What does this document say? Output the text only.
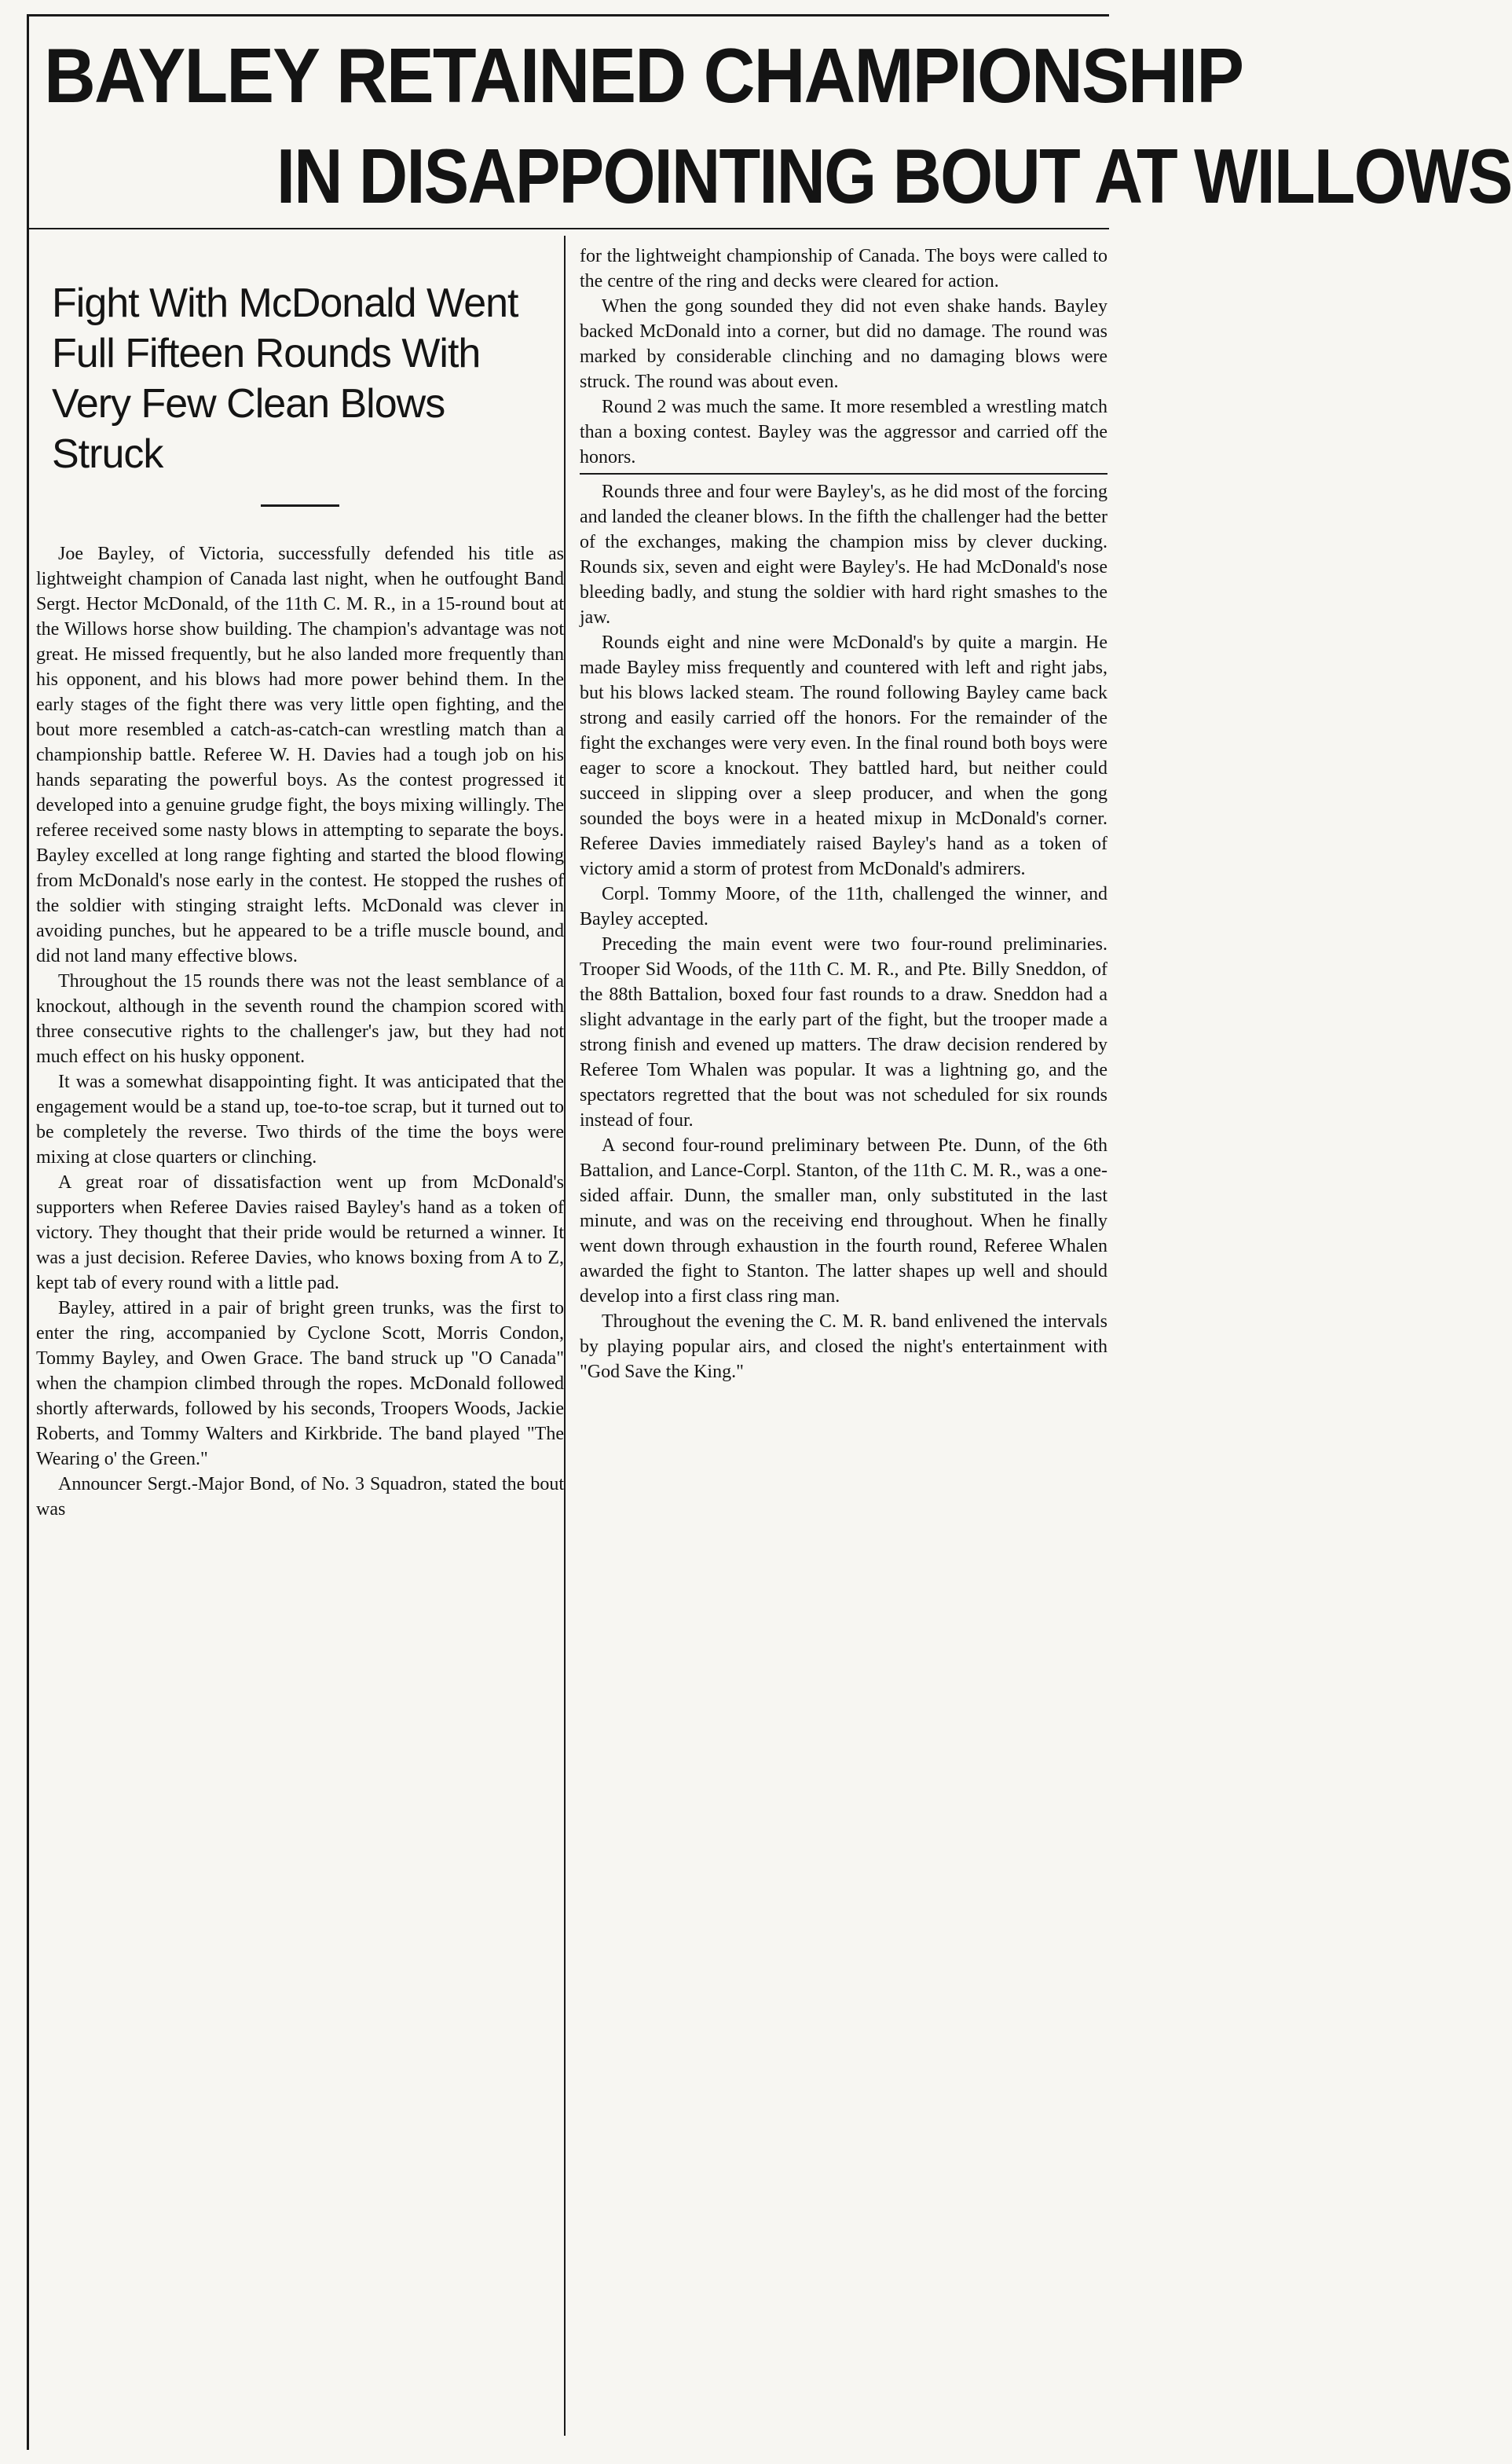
BAYLEY RETAINED CHAMPIONSHIP
IN DISAPPOINTING BOUT AT WILLOWS
Fight With McDonald Went
Full Fifteen Rounds With
Very Few Clean Blows
Struck

Joe Bayley, of Victoria, successfully defended his title as lightweight champion of Canada last night, when he outfought Band Sergt. Hector McDonald, of the 11th C. M. R., in a 15-round bout at the Willows horse show building. The champion's advantage was not great. He missed frequently, but he also landed more frequently than his opponent, and his blows had more power behind them. In the early stages of the fight there was very little open fighting, and the bout more resembled a catch-as-catch-can wrestling match than a championship battle. Referee W. H. Davies had a tough job on his hands separating the powerful boys. As the contest progressed it developed into a genuine grudge fight, the boys mixing willingly. The referee received some nasty blows in attempting to separate the boys. Bayley excelled at long range fighting and started the blood flowing from McDonald's nose early in the contest. He stopped the rushes of the soldier with stinging straight lefts. McDonald was clever in avoiding punches, but he appeared to be a trifle muscle bound, and did not land many effective blows.

Throughout the 15 rounds there was not the least semblance of a knockout, although in the seventh round the champion scored with three consecutive rights to the challenger's jaw, but they had not much effect on his husky opponent.

It was a somewhat disappointing fight. It was anticipated that the engagement would be a stand up, toe-to-toe scrap, but it turned out to be completely the reverse. Two thirds of the time the boys were mixing at close quarters or clinching.

A great roar of dissatisfaction went up from McDonald's supporters when Referee Davies raised Bayley's hand as a token of victory. They thought that their pride would be returned a winner. It was a just decision. Referee Davies, who knows boxing from A to Z, kept tab of every round with a little pad.

Bayley, attired in a pair of bright green trunks, was the first to enter the ring, accompanied by Cyclone Scott, Morris Condon, Tommy Bayley, and Owen Grace. The band struck up "O Canada" when the champion climbed through the ropes. McDonald followed shortly afterwards, followed by his seconds, Troopers Woods, Jackie Roberts, and Tommy Walters and Kirkbride. The band played "The Wearing o' the Green."

Announcer Sergt.-Major Bond, of No. 3 Squadron, stated the bout was

for the lightweight championship of Canada. The boys were called to the centre of the ring and decks were cleared for action.

When the gong sounded they did not even shake hands. Bayley backed McDonald into a corner, but did no damage. The round was marked by considerable clinching and no damaging blows were struck. The round was about even.

Round 2 was much the same. It more resembled a wrestling match than a boxing contest. Bayley was the aggressor and carried off the honors.

Rounds three and four were Bayley's, as he did most of the forcing and landed the cleaner blows. In the fifth the challenger had the better of the exchanges, making the champion miss by clever ducking. Rounds six, seven and eight were Bayley's. He had McDonald's nose bleeding badly, and stung the soldier with hard right smashes to the jaw.

Rounds eight and nine were McDonald's by quite a margin. He made Bayley miss frequently and countered with left and right jabs, but his blows lacked steam. The round following Bayley came back strong and easily carried off the honors. For the remainder of the fight the exchanges were very even. In the final round both boys were eager to score a knockout. They battled hard, but neither could succeed in slipping over a sleep producer, and when the gong sounded the boys were in a heated mixup in McDonald's corner. Referee Davies immediately raised Bayley's hand as a token of victory amid a storm of protest from McDonald's admirers.

Corpl. Tommy Moore, of the 11th, challenged the winner, and Bayley accepted.

Preceding the main event were two four-round preliminaries. Trooper Sid Woods, of the 11th C. M. R., and Pte. Billy Sneddon, of the 88th Battalion, boxed four fast rounds to a draw. Sneddon had a slight advantage in the early part of the fight, but the trooper made a strong finish and evened up matters. The draw decision rendered by Referee Tom Whalen was popular. It was a lightning go, and the spectators regretted that the bout was not scheduled for six rounds instead of four.

A second four-round preliminary between Pte. Dunn, of the 6th Battalion, and Lance-Corpl. Stanton, of the 11th C. M. R., was a one-sided affair. Dunn, the smaller man, only substituted in the last minute, and was on the receiving end throughout. When he finally went down through exhaustion in the fourth round, Referee Whalen awarded the fight to Stanton. The latter shapes up well and should develop into a first class ring man.

Throughout the evening the C. M. R. band enlivened the intervals by playing popular airs, and closed the night's entertainment with "God Save the King."
